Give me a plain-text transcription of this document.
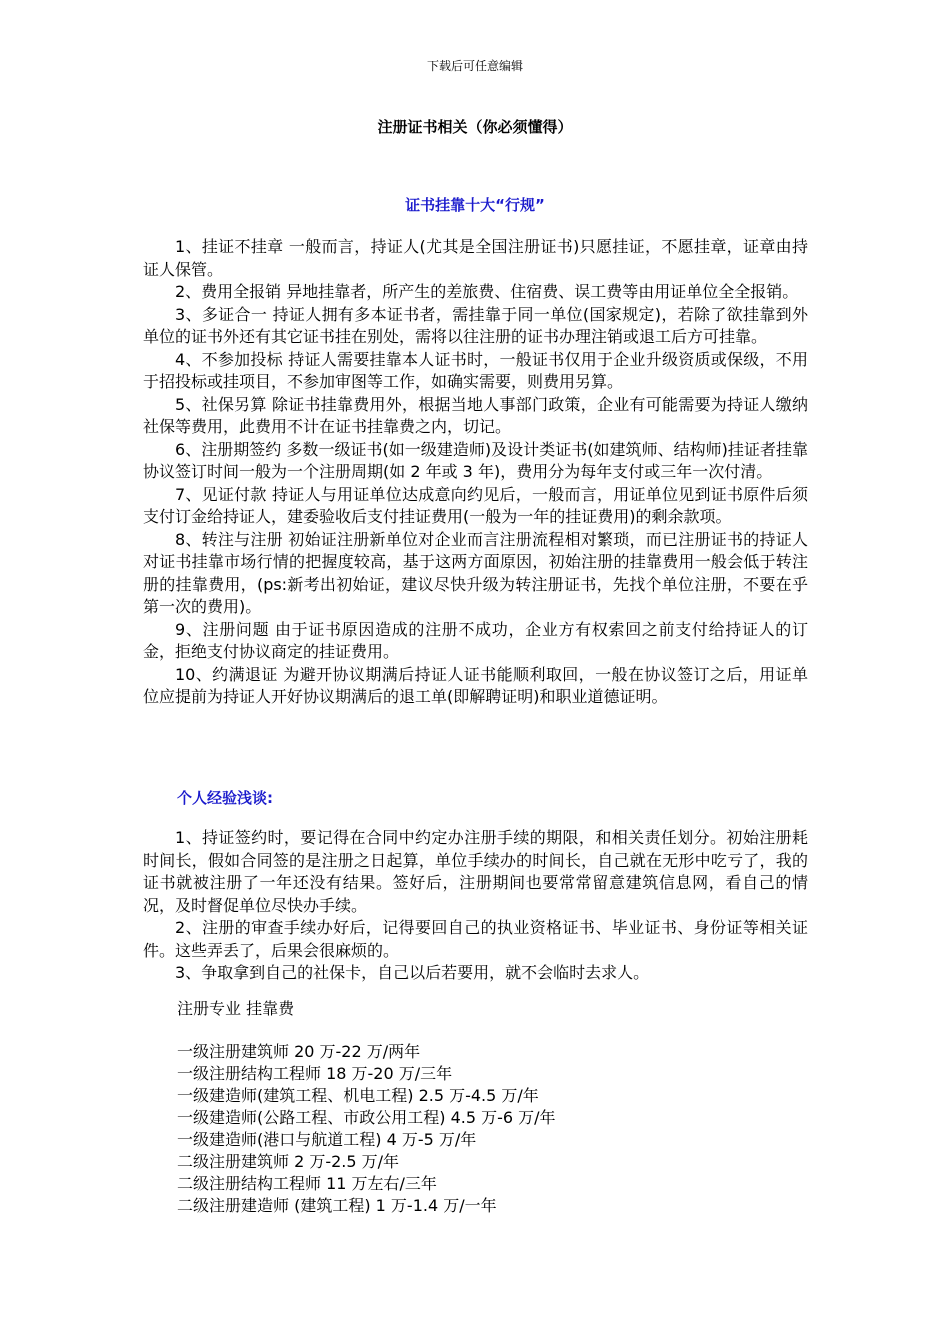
下载后可任意编辑
注册证书相关（你必须懂得）
证书挂靠十大“行规”

1、挂证不挂章 一般而言，持证人(尤其是全国注册证书)只愿挂证，不愿挂章，证章由持证人保管。

2、费用全报销 异地挂靠者，所产生的差旅费、住宿费、误工费等由用证单位全全报销。

3、多证合一 持证人拥有多本证书者，需挂靠于同一单位(国家规定)，若除了欲挂靠到外单位的证书外还有其它证书挂在别处，需将以往注册的证书办理注销或退工后方可挂靠。

4、不参加投标 持证人需要挂靠本人证书时，一般证书仅用于企业升级资质或保级，不用于招投标或挂项目，不参加审图等工作，如确实需要，则费用另算。

5、社保另算 除证书挂靠费用外，根据当地人事部门政策，企业有可能需要为持证人缴纳社保等费用，此费用不计在证书挂靠费之内，切记。

6、注册期签约 多数一级证书(如一级建造师)及设计类证书(如建筑师、结构师)挂证者挂靠协议签订时间一般为一个注册周期(如 2 年或 3 年)，费用分为每年支付或三年一次付清。

7、见证付款 持证人与用证单位达成意向约见后，一般而言，用证单位见到证书原件后须支付订金给持证人，建委验收后支付挂证费用(一般为一年的挂证费用)的剩余款项。

8、转注与注册 初始证注册新单位对企业而言注册流程相对繁琐，而已注册证书的持证人对证书挂靠市场行情的把握度较高，基于这两方面原因，初始注册的挂靠费用一般会低于转注册的挂靠费用，(ps:新考出初始证，建议尽快升级为转注册证书，先找个单位注册，不要在乎第一次的费用)。

9、注册问题 由于证书原因造成的注册不成功，企业方有权索回之前支付给持证人的订金，拒绝支付协议商定的挂证费用。

10、约满退证 为避开协议期满后持证人证书能顺利取回，一般在协议签订之后，用证单位应提前为持证人开好协议期满后的退工单(即解聘证明)和职业道德证明。

个人经验浅谈:

1、持证签约时，要记得在合同中约定办注册手续的期限，和相关责任划分。初始注册耗时间长，假如合同签的是注册之日起算，单位手续办的时间长，自己就在无形中吃亏了，我的证书就被注册了一年还没有结果。签好后，注册期间也要常常留意建筑信息网，看自己的情况，及时督促单位尽快办手续。

2、注册的审查手续办好后，记得要回自己的执业资格证书、毕业证书、身份证等相关证件。这些弄丢了，后果会很麻烦的。

3、争取拿到自己的社保卡，自己以后若要用，就不会临时去求人。

注册专业 挂靠费
一级注册建筑师 20 万-22 万/两年
一级注册结构工程师 18 万-20 万/三年
一级建造师(建筑工程、机电工程) 2.5 万-4.5 万/年
一级建造师(公路工程、市政公用工程) 4.5 万-6 万/年
一级建造师(港口与航道工程) 4 万-5 万/年
二级注册建筑师 2 万-2.5 万/年
二级注册结构工程师 11 万左右/三年
二级注册建造师 (建筑工程) 1 万-1.4 万/一年
